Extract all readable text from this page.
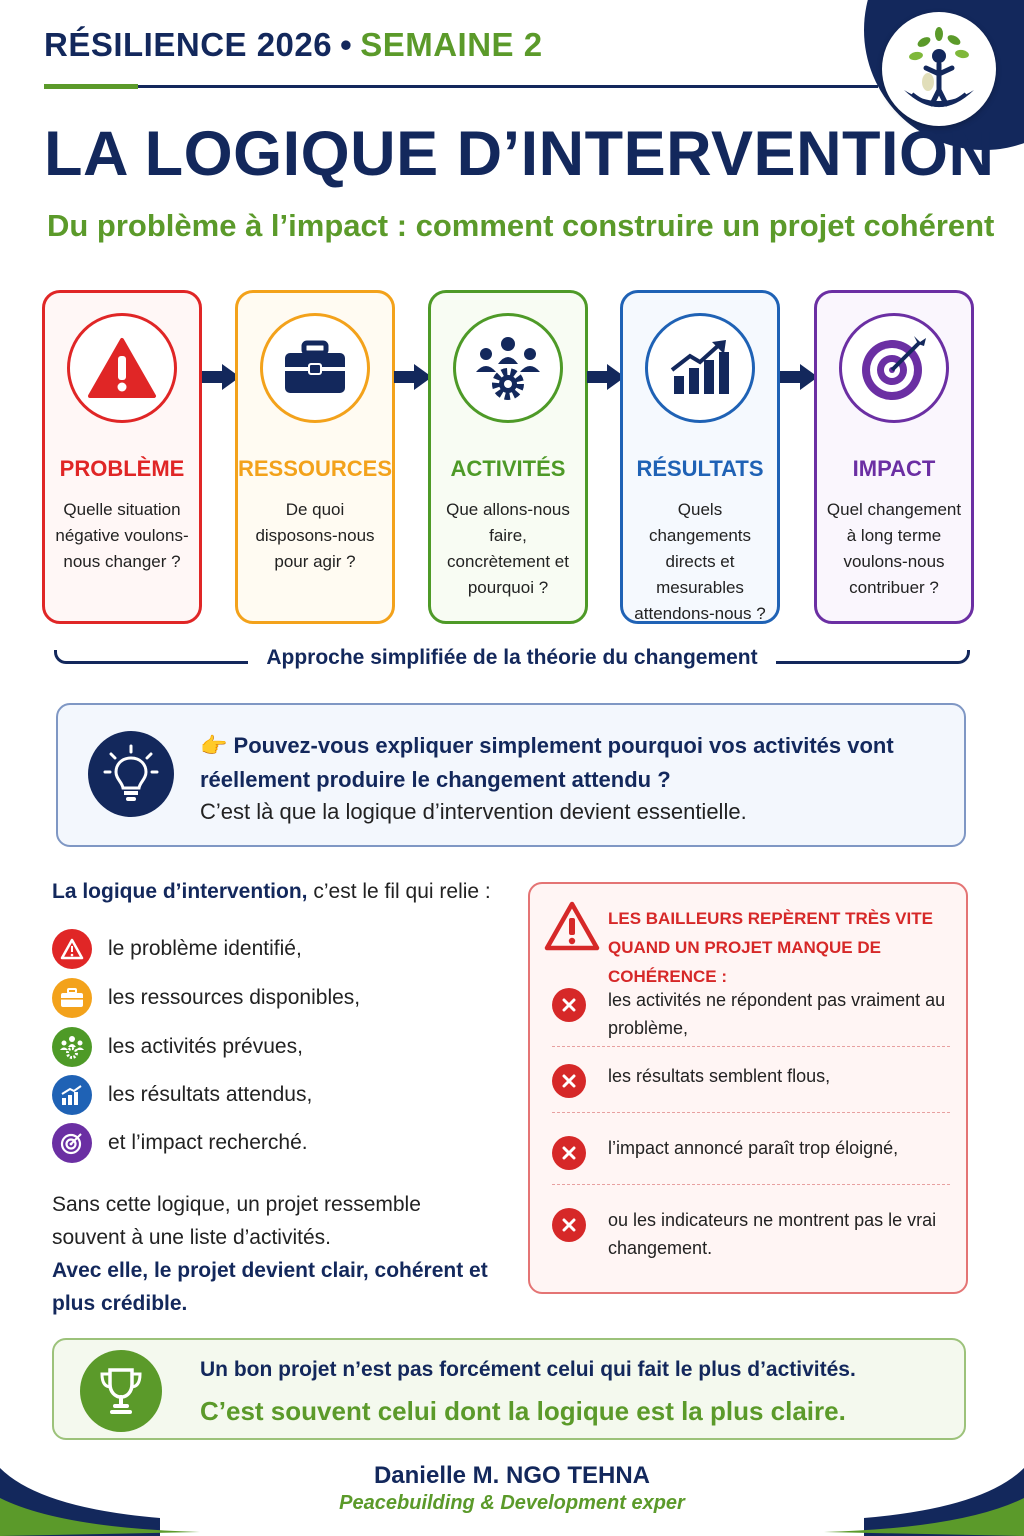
RÉSILIENCE 2026 • SEMAINE 2
LA LOGIQUE D’INTERVENTION
Du problème à l’impact : comment construire un projet cohérent
PROBLÈME
Quelle situation négative voulons-nous changer ?
RESSOURCES
De quoi disposons-nous pour agir ?
ACTIVITÉS
Que allons-nous faire, concrètement et pourquoi ?
RÉSULTATS
Quels changements directs et mesurables attendons-nous ?
IMPACT
Quel changement à long terme voulons-nous contribuer ?
Approche simplifiée de la théorie du changement
👉 Pouvez-vous expliquer simplement pourquoi vos activités vont réellement produire le changement attendu ?
C’est là que la logique d’intervention devient essentielle.
La logique d’intervention, c’est le fil qui relie :
le problème identifié,
les ressources disponibles,
les activités prévues,
les résultats attendus,
et l’impact recherché.
Sans cette logique, un projet ressemble souvent à une liste d’activités.
Avec elle, le projet devient clair, cohérent et plus crédible.
LES BAILLEURS REPÈRENT TRÈS VITE QUAND UN PROJET MANQUE DE COHÉRENCE :
les activités ne répondent pas vraiment au problème,
les résultats semblent flous,
l’impact annoncé paraît trop éloigné,
ou les indicateurs ne montrent pas le vrai changement.
Un bon projet n’est pas forcément celui qui fait le plus d’activités.
C’est souvent celui dont la logique est la plus claire.
Danielle M. NGO TEHNA
Peacebuilding & Development exper
